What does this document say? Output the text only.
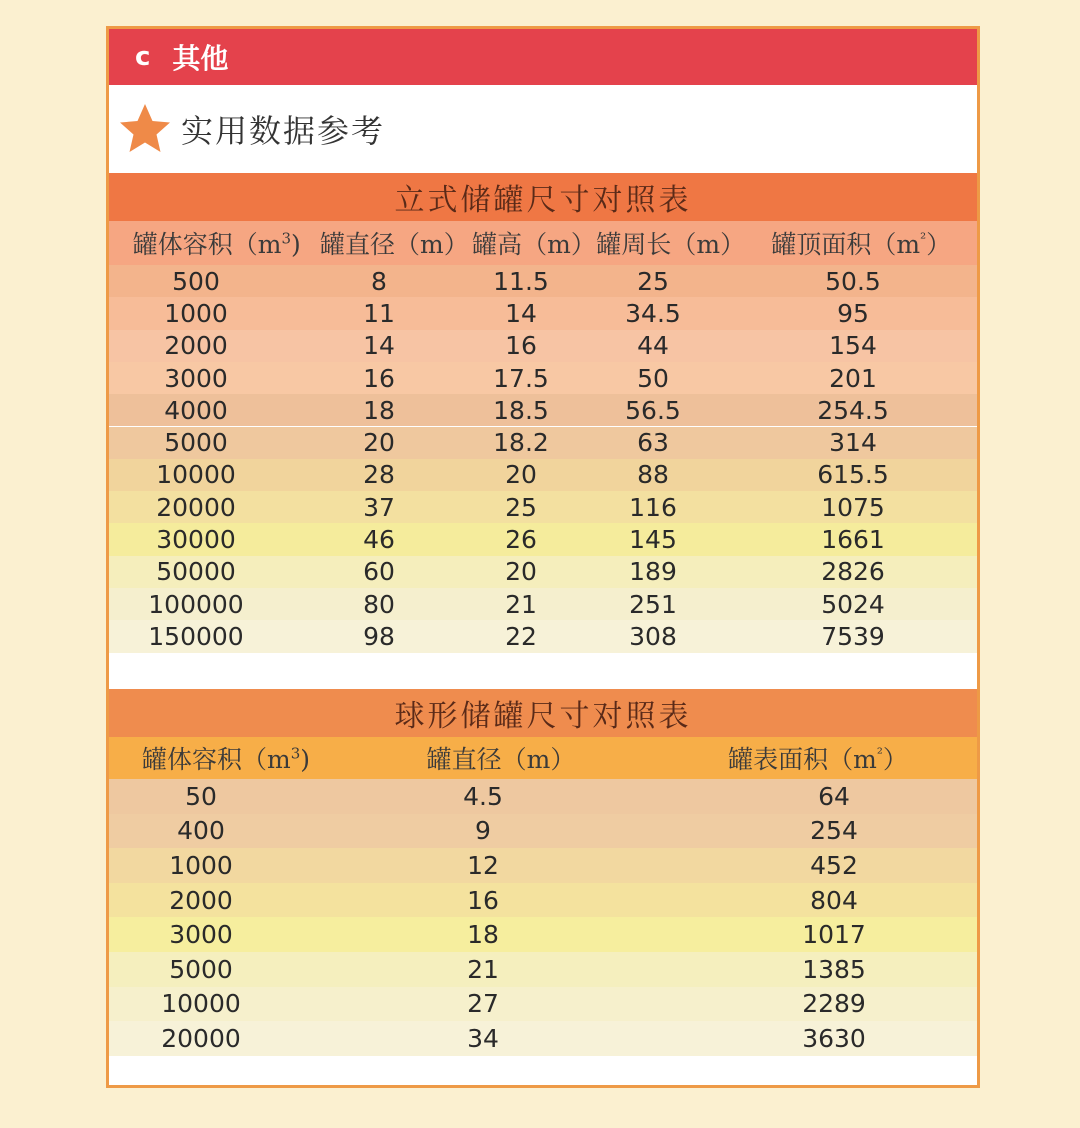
c 其他
实用数据参考
立式储罐尺寸对照表
罐体容积$(m^3)$ 罐直径（m） 罐高（m） 罐周长（m）	罐顶面积$(m^{^2})$
500	8	11.5	25	50.5
1000	11	14	34.5	95
2000	14	16	44	154
3000	16	17.5	50	201
4000	18	18.5	56.5	254.5
5000	20	18.2	63	314
10000	28	20	88	615.5
20000	37	25	116	1075
30000	46	26	145	1661
50000	60	20	189	2826
100000	80	21	251	5024
150000	98	22	308	7539
球形储罐尺寸对照表
罐体容积$(m^3)$	罐直径（m）	罐表面积$(m^{^2})$
50	4.5	64
400	9	254
1000	12	452
2000	16	804
3000	18	1017
5000	21	1385
10000	27	2289
20000	34	3630
